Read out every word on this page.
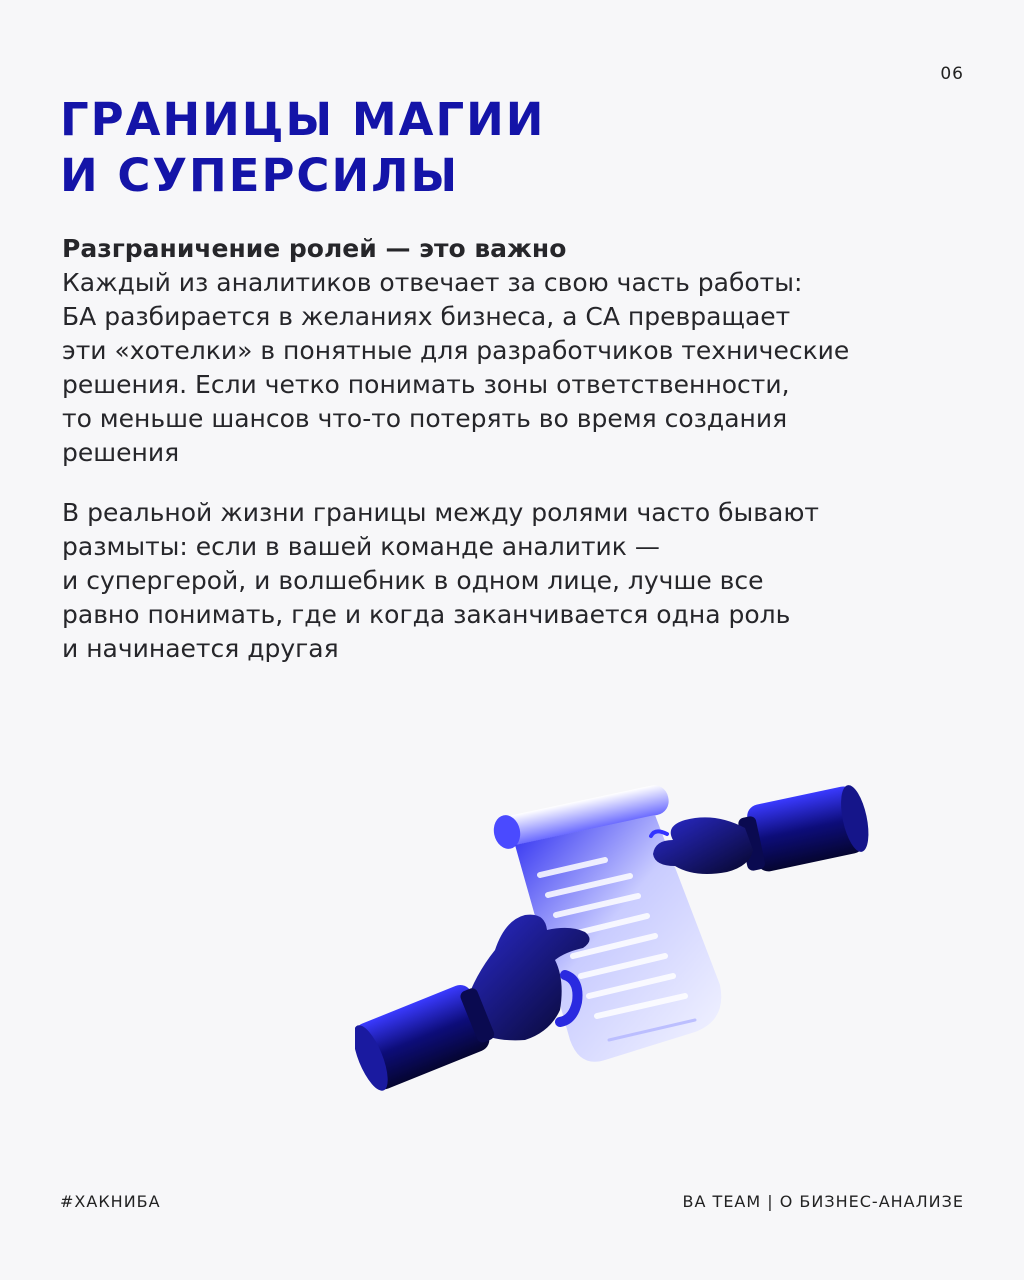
06
ГРАНИЦЫ МАГИИ
И СУПЕРСИЛЫ
Разграничение ролей — это важно
Каждый из аналитиков отвечает за свою часть работы:
БА разбирается в желаниях бизнеса, а СА превращает
эти «хотелки» в понятные для разработчиков технические
решения. Если четко понимать зоны ответственности,
то меньше шансов что-то потерять во время создания
решения
В реальной жизни границы между ролями часто бывают
размыты: если в вашей команде аналитик —
и супергерой, и волшебник в одном лице, лучше все
равно понимать, где и когда заканчивается одна роль
и начинается другая
#ХАКНИБА	BA TEAM | О БИЗНЕС-АНАЛИЗЕ
